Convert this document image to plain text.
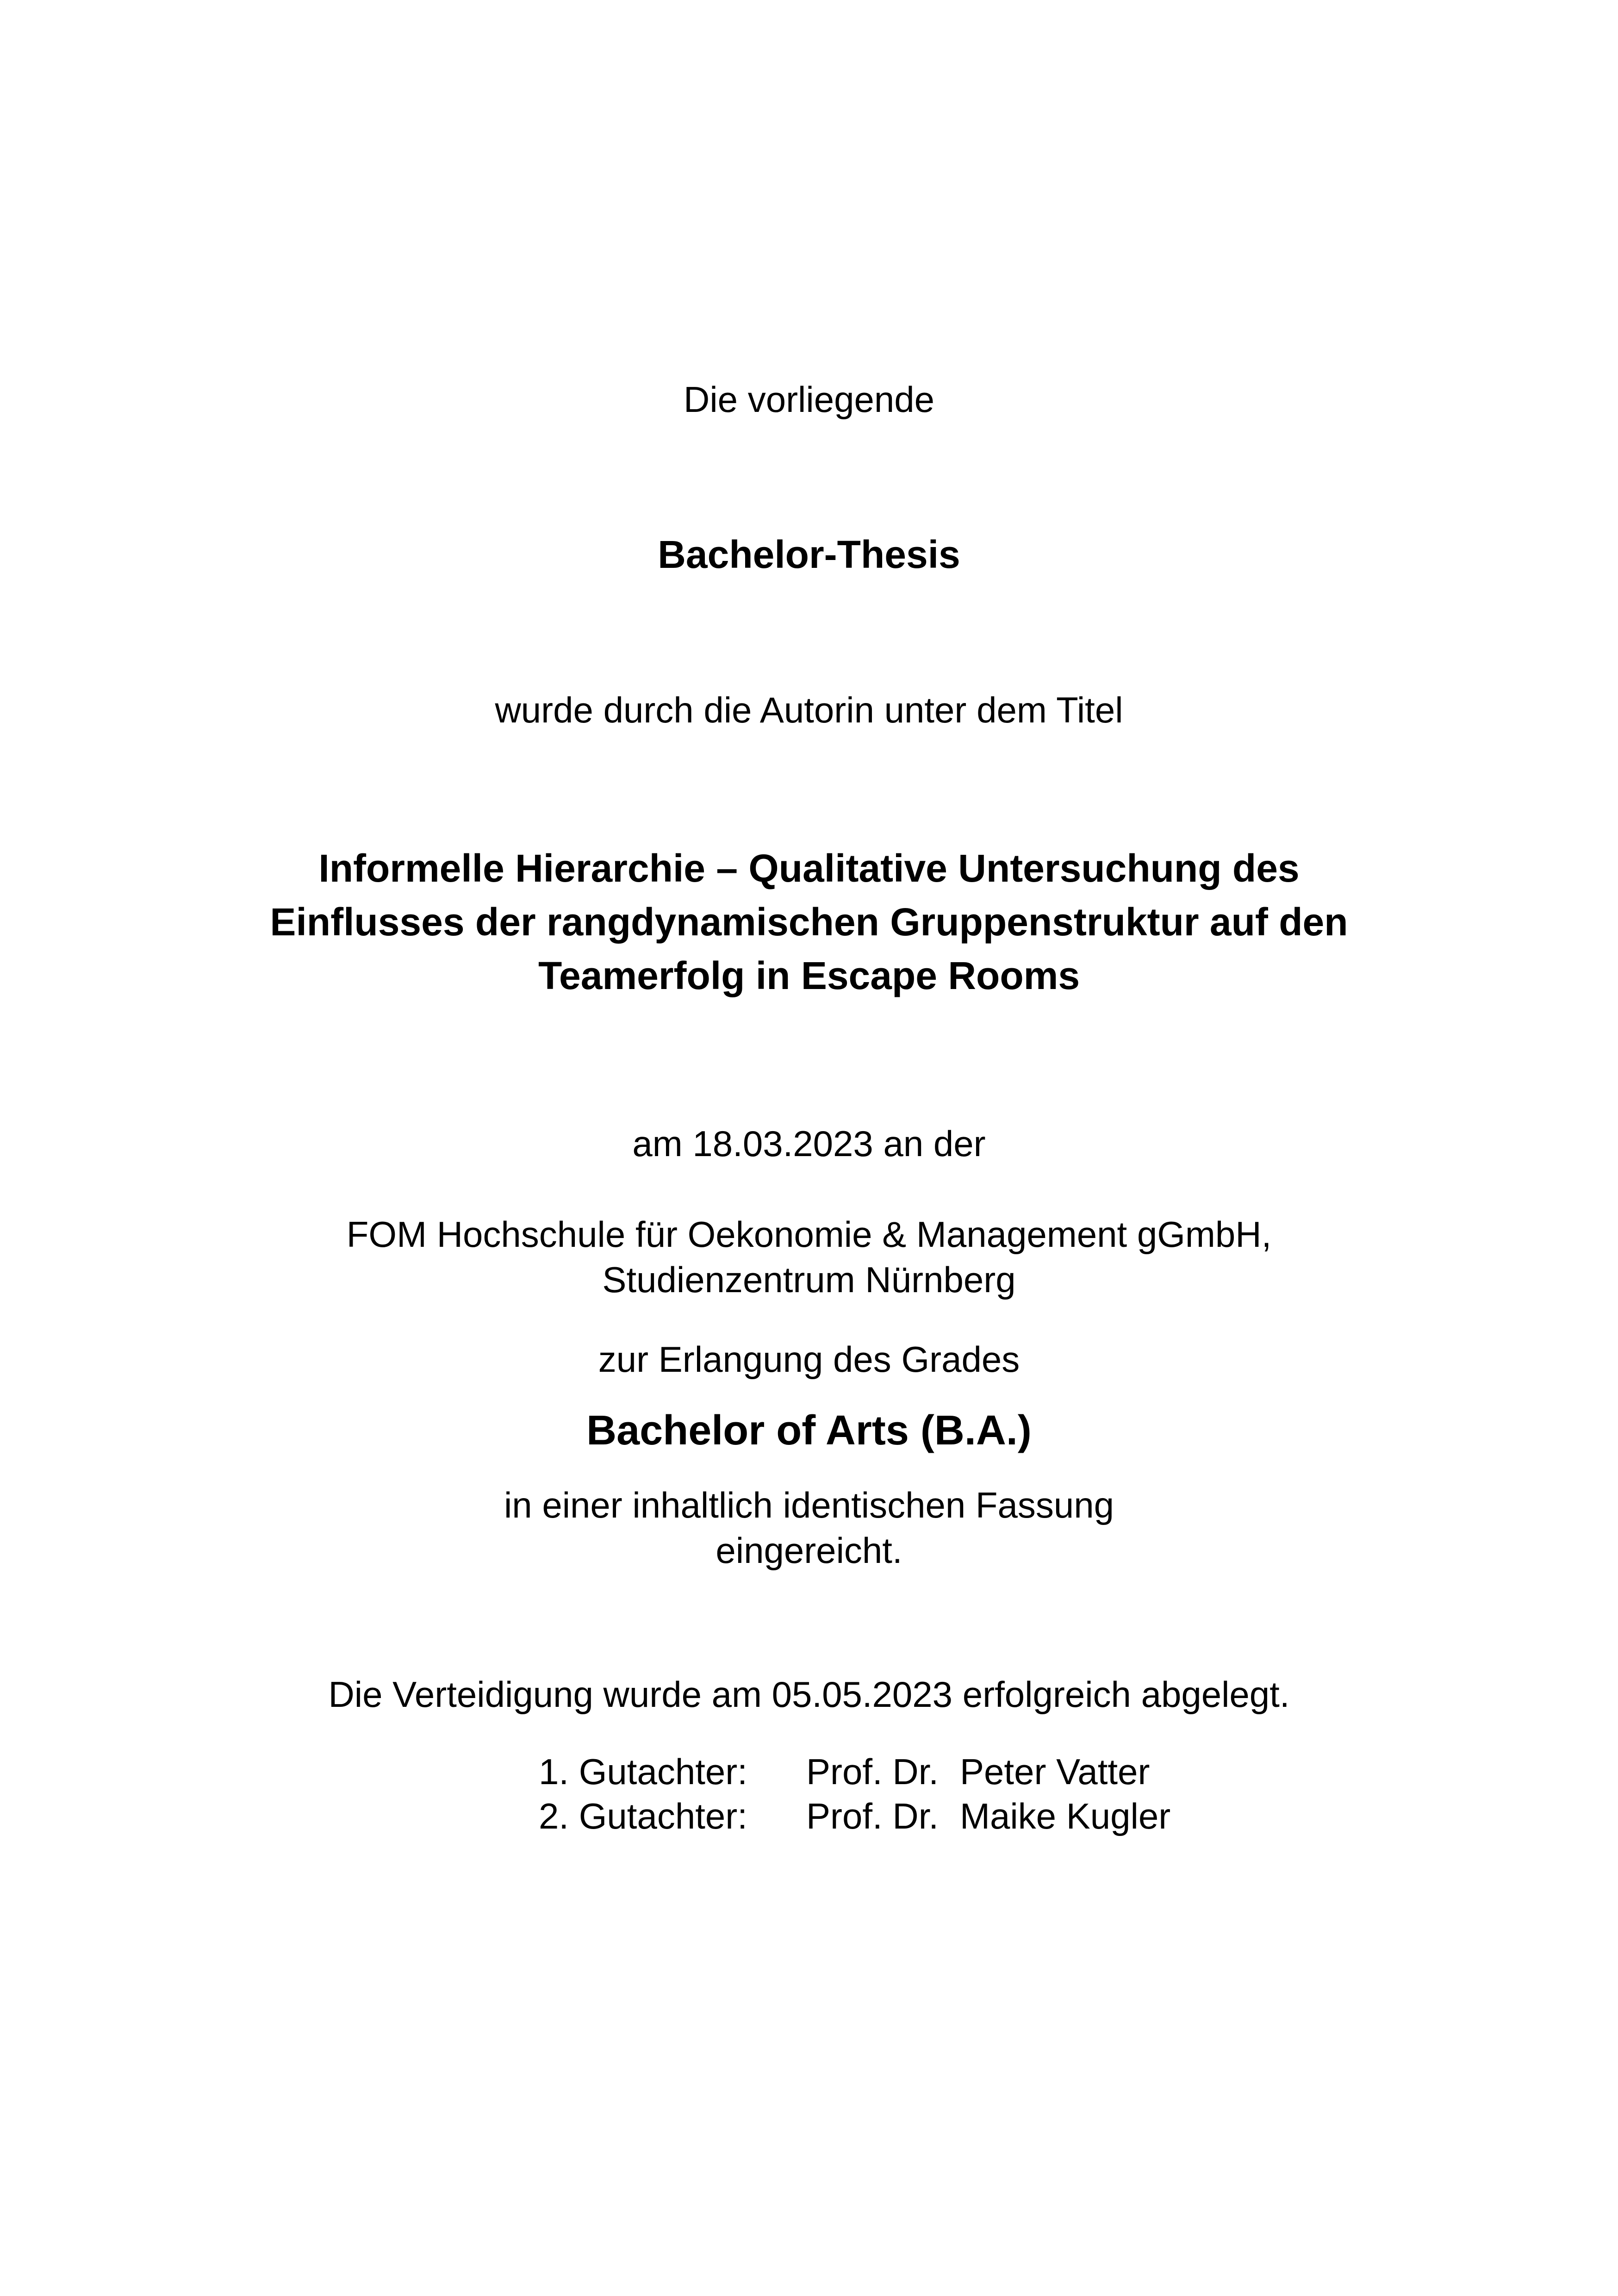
Die vorliegende
Bachelor-Thesis
wurde durch die Autorin unter dem Titel
Informelle Hierarchie – Qualitative Untersuchung des
Einflusses der rangdynamischen Gruppenstruktur auf den
Teamerfolg in Escape Rooms
am 18.03.2023 an der
FOM Hochschule für Oekonomie & Management gGmbH,
Studienzentrum Nürnberg
zur Erlangung des Grades
Bachelor of Arts (B.A.)
in einer inhaltlich identischen Fassung
eingereicht.
Die Verteidigung wurde am 05.05.2023 erfolgreich abgelegt.
1. Gutachter: Prof. Dr. Peter Vatter
2. Gutachter: Prof. Dr. Maike Kugler
